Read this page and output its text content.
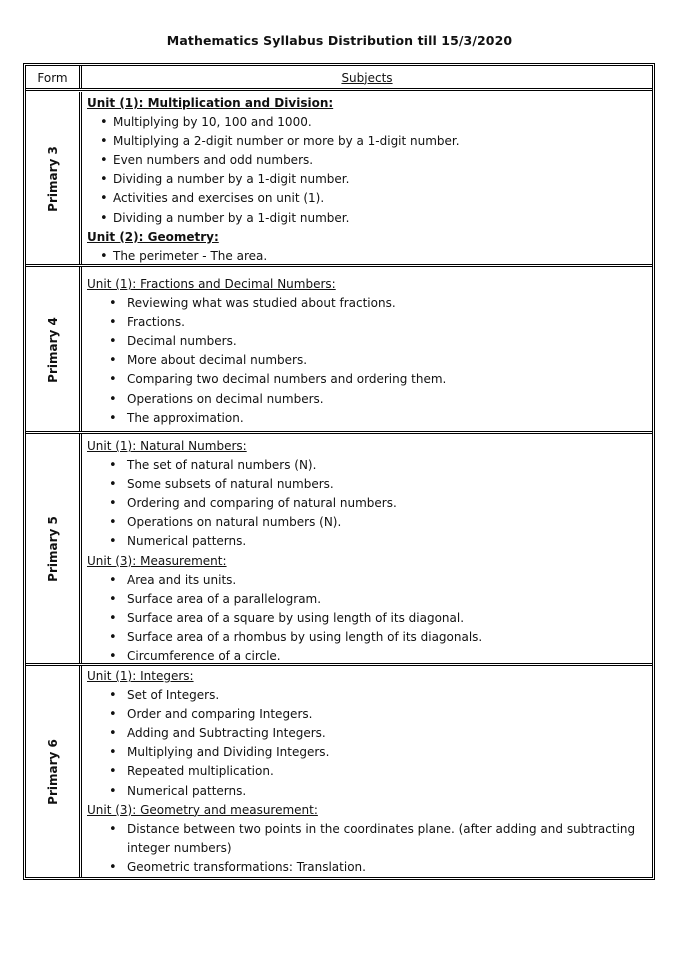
Mathematics Syllabus Distribution till 15/3/2020
Form	Subjects
Primary 3
Unit (1): Multiplication and Division:
• Multiplying by 10, 100 and 1000.
• Multiplying a 2-digit number or more by a 1-digit number.
• Even numbers and odd numbers.
• Dividing a number by a 1-digit number.
• Activities and exercises on unit (1).
• Dividing a number by a 1-digit number.
Unit (2): Geometry:
• The perimeter - The area.
Primary 4
Unit (1): Fractions and Decimal Numbers:
• Reviewing what was studied about fractions.
• Fractions.
• Decimal numbers.
• More about decimal numbers.
• Comparing two decimal numbers and ordering them.
• Operations on decimal numbers.
• The approximation.
Primary 5
Unit (1): Natural Numbers:
• The set of natural numbers (N).
• Some subsets of natural numbers.
• Ordering and comparing of natural numbers.
• Operations on natural numbers (N).
• Numerical patterns.
Unit (3): Measurement:
• Area and its units.
• Surface area of a parallelogram.
• Surface area of a square by using length of its diagonal.
• Surface area of a rhombus by using length of its diagonals.
• Circumference of a circle.
Primary 6
Unit (1): Integers:
• Set of Integers.
• Order and comparing Integers.
• Adding and Subtracting Integers.
• Multiplying and Dividing Integers.
• Repeated multiplication.
• Numerical patterns.
Unit (3): Geometry and measurement:
• Distance between two points in the coordinates plane. (after adding and subtracting integer numbers)
• Geometric transformations: Translation.
